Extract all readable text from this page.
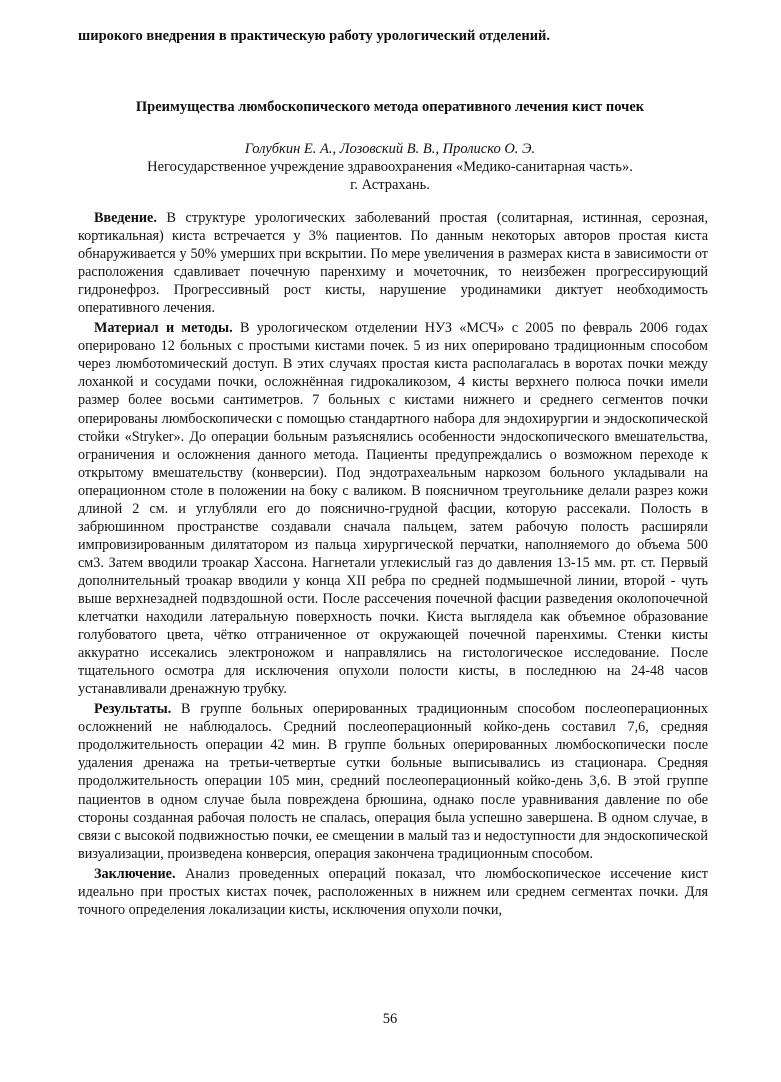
широкого внедрения в практическую работу урологический отделений.
Преимущества люмбоскопического метода оперативного лечения кист почек
Голубкин Е. А., Лозовский В. В., Пролиско О. Э.
Негосударственное учреждение здравоохранения «Медико-санитарная часть».
г. Астрахань.

Введение. В структуре урологических заболеваний простая (солитарная, истинная, серозная, кортикальная) киста встречается у 3% пациентов. По данным некоторых авторов простая киста обнаруживается у 50% умерших при вскрытии. По мере увеличения в размерах киста в зависимости от расположения сдавливает почечную паренхиму и мочеточник, то неизбежен прогрессирующий гидронефроз. Прогрессивный рост кисты, нарушение уродинамики диктует необходимость оперативного лечения.

Материал и методы. В урологическом отделении НУЗ «МСЧ» с 2005 по февраль 2006 годах оперировано 12 больных с простыми кистами почек. 5 из них оперировано традиционным способом через люмботомический доступ. В этих случаях простая киста располагалась в воротах почки между лоханкой и сосудами почки, осложнённая гидрокаликозом, 4 кисты верхнего полюса почки имели размер более восьми сантиметров. 7 больных с кистами нижнего и среднего сегментов почки оперированы люмбоскопически с помощью стандартного набора для эндохирургии и эндоскопической стойки «Stryker». До операции больным разъяснялись особенности эндоскопического вмешательства, ограничения и осложнения данного метода. Пациенты предупреждались о возможном переходе к открытому вмешательству (конверсии). Под эндотрахеальным наркозом больного укладывали на операционном столе в положении на боку с валиком. В поясничном треугольнике делали разрез кожи длиной 2 см. и углубляли его до пояснично-грудной фасции, которую рассекали. Полость в забрюшинном пространстве создавали сначала пальцем, затем рабочую полость расширяли импровизированным дилятатором из пальца хирургической перчатки, наполняемого до объема 500 см3. Затем вводили троакар Хассона. Нагнетали углекислый газ до давления 13-15 мм. рт. ст. Первый дополнительный троакар вводили у конца XII ребра по средней подмышечной линии, второй - чуть выше верхнезадней подвздошной ости. После рассечения почечной фасции разведения околопочечной клетчатки находили латеральную поверхность почки. Киста выглядела как объемное образование голубоватого цвета, чётко отграниченное от окружающей почечной паренхимы. Стенки кисты аккуратно иссекались электроножом и направлялись на гистологическое исследование. После тщательного осмотра для исключения опухоли полости кисты, в последнюю на 24-48 часов устанавливали дренажную трубку.

Результаты. В группе больных оперированных традиционным способом послеоперационных осложнений не наблюдалось. Средний послеоперационный койко-день составил 7,6, средняя продолжительность операции 42 мин. В группе больных оперированных люмбоскопически после удаления дренажа на третьи-четвертые сутки больные выписывались из стационара. Средняя продолжительность операции 105 мин, средний послеоперационный койко-день 3,6. В этой группе пациентов в одном случае была повреждена брюшина, однако после уравнивания давление по обе стороны созданная рабочая полость не спалась, операция была успешно завершена. В одном случае, в связи с высокой подвижностью почки, ее смещении в малый таз и недоступности для эндоскопической визуализации, произведена конверсия, операция закончена традиционным способом.

Заключение. Анализ проведенных операций показал, что люмбоскопическое иссечение кист идеально при простых кистах почек, расположенных в нижнем или среднем сегментах почки. Для точного определения локализации кисты, исключения опухоли почки,

56
